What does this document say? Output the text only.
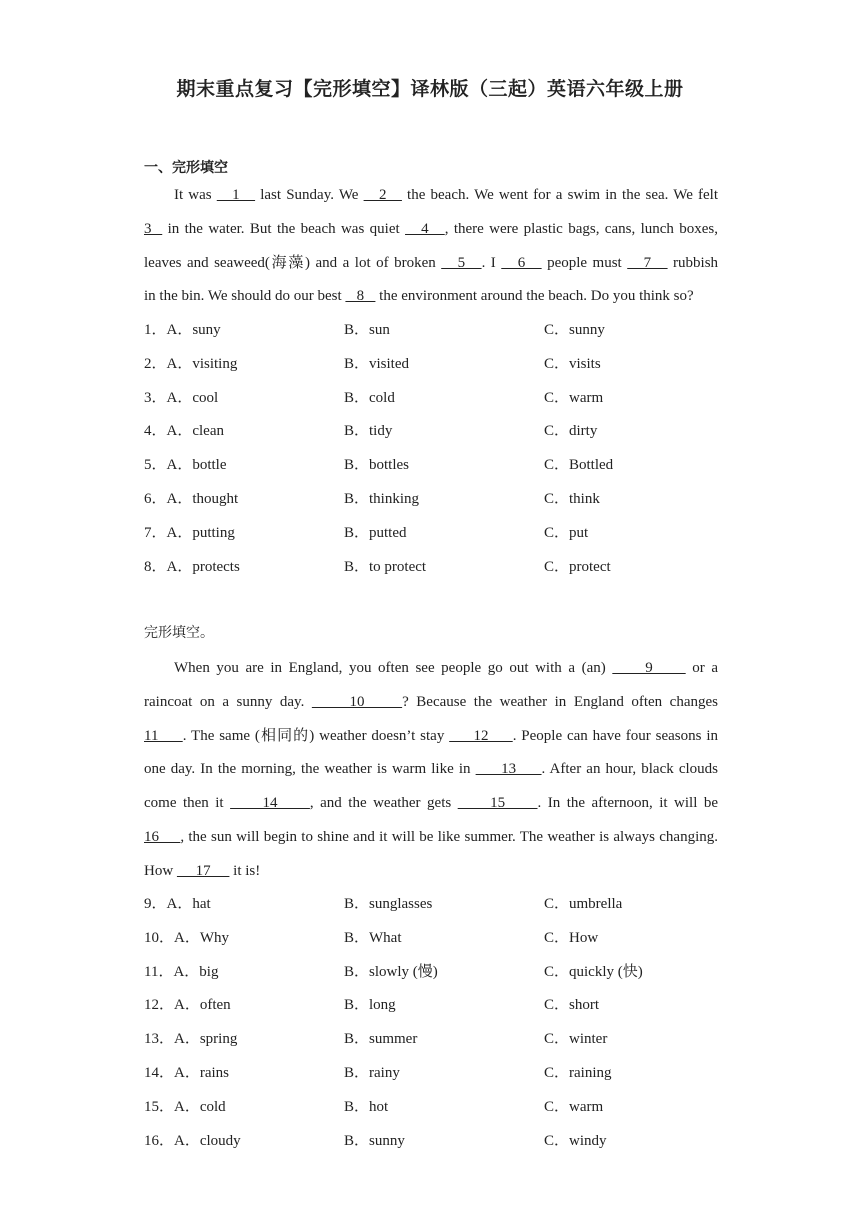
期末重点复习【完形填空】译林版（三起）英语六年级上册
一、完形填空
It was    1    last Sunday. We    2    the beach. We went for a swim in the sea. We felt
3   in the water. But the beach was quiet    4   , there were plastic bags, cans, lunch boxes,
leaves and seaweed(海藻) and a lot of broken    5   . I    6    people must    7    rubbish
in the bin. We should do our best    8    the environment around the beach. Do you think so?
1．A．suny	B．sun	C．sunny
2．A．visiting	B．visited	C．visits
3．A．cool	B．cold	C．warm
4．A．clean	B．tidy	C．dirty
5．A．bottle	B．bottles	C．Bottled
6．A．thought	B．thinking	C．think
7．A．putting	B．putted	C．put
8．A．protects	B．to protect	C．protect
完形填空。
When you are in England, you often see people go out with a (an)      9      or a
raincoat on a sunny day.      10     ? Because the weather in England often changes
11     . The same (相同的) weather doesn’t stay      12     . People can have four seasons in
one day. In the morning, the weather is warm like in      13     . After an hour, black clouds
come then it      14     , and the weather gets      15     . In the afternoon, it will be
16     , the sun will begin to shine and it will be like summer. The weather is always changing.
How      17      it is!
9．A．hat	B．sunglasses	C．umbrella
10．A．Why	B．What	C．How
11．A．big	B．slowly (慢)	C．quickly (快)
12．A．often	B．long	C．short
13．A．spring	B．summer	C．winter
14．A．rains	B．rainy	C．raining
15．A．cold	B．hot	C．warm
16．A．cloudy	B．sunny	C．windy
